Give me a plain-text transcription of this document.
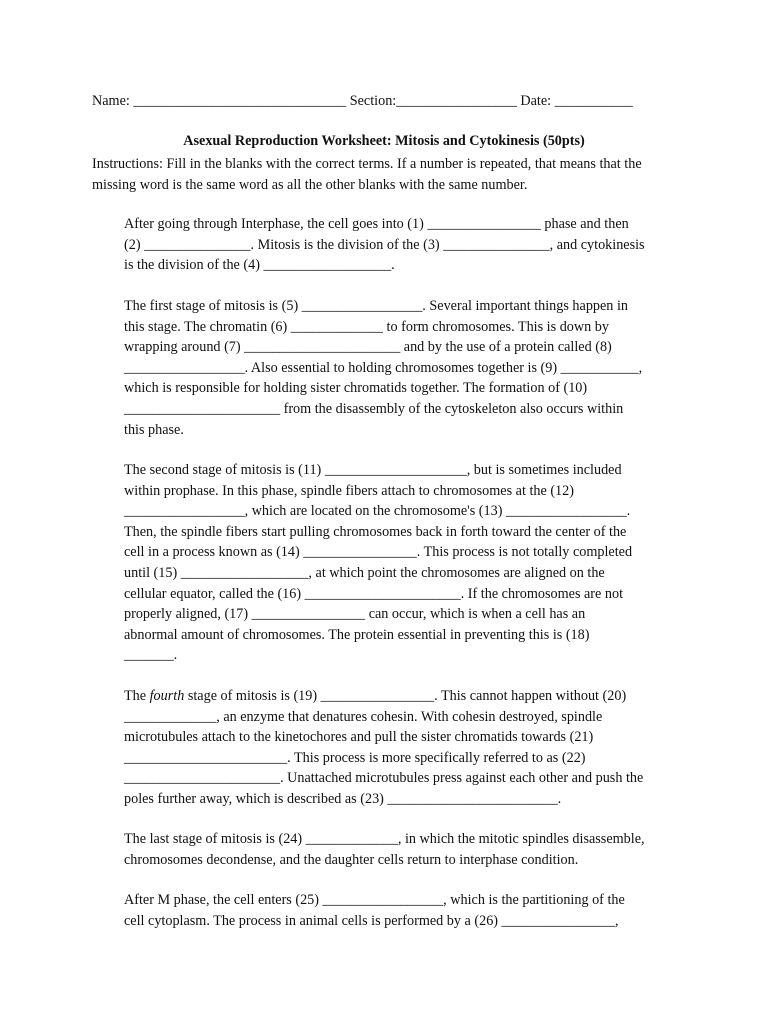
Name: ______________________________ Section:_________________ Date: ___________
Asexual Reproduction Worksheet: Mitosis and Cytokinesis (50pts)
Instructions: Fill in the blanks with the correct terms. If a number is repeated, that means that the
missing word is the same word as all the other blanks with the same number.
After going through Interphase, the cell goes into (1) ________________ phase and then
(2) _______________. Mitosis is the division of the (3) _______________, and cytokinesis
is the division of the (4) __________________.
The first stage of mitosis is (5) _________________. Several important things happen in
this stage. The chromatin (6) _____________ to form chromosomes. This is down by
wrapping around (7) ______________________ and by the use of a protein called (8)
_________________. Also essential to holding chromosomes together is (9) ___________,
which is responsible for holding sister chromatids together. The formation of (10)
______________________ from the disassembly of the cytoskeleton also occurs within
this phase.
The second stage of mitosis is (11) ____________________, but is sometimes included
within prophase. In this phase, spindle fibers attach to chromosomes at the (12)
_________________, which are located on the chromosome's (13) _________________.
Then, the spindle fibers start pulling chromosomes back in forth toward the center of the
cell in a process known as (14) ________________. This process is not totally completed
until (15) __________________, at which point the chromosomes are aligned on the
cellular equator, called the (16) ______________________. If the chromosomes are not
properly aligned, (17) ________________ can occur, which is when a cell has an
abnormal amount of chromosomes. The protein essential in preventing this is (18)
_______.
The fourth stage of mitosis is (19) ________________. This cannot happen without (20)
_____________, an enzyme that denatures cohesin. With cohesin destroyed, spindle
microtubules attach to the kinetochores and pull the sister chromatids towards (21)
_______________________. This process is more specifically referred to as (22)
______________________. Unattached microtubules press against each other and push the
poles further away, which is described as (23) ________________________.
The last stage of mitosis is (24) _____________, in which the mitotic spindles disassemble,
chromosomes decondense, and the daughter cells return to interphase condition.
After M phase, the cell enters (25) _________________, which is the partitioning of the
cell cytoplasm. The process in animal cells is performed by a (26) ________________,
